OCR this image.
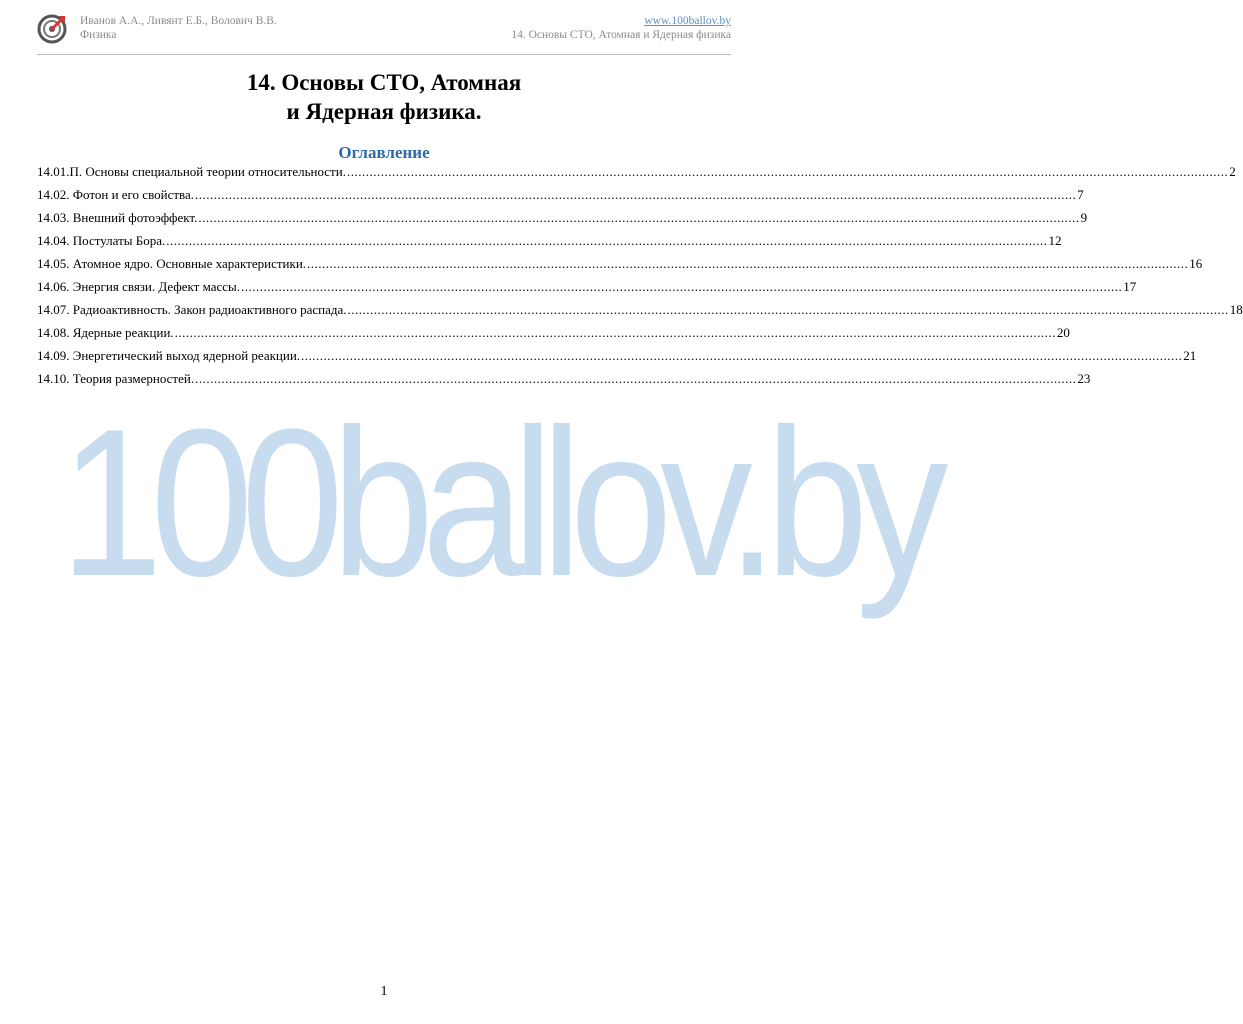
Иванов А.А., Ливянт Е.Б., Волович В.В.
Физика
www.100ballov.by
14. Основы СТО, Атомная и Ядерная физика
14. Основы СТО, Атомная
и Ядерная физика.
Оглавление
14.01.П. Основы специальной теории относительности. .....	2
14.02. Фотон и его свойства. .....	7
14.03. Внешний фотоэффект. .....	9
14.04. Постулаты Бора. .....	12
14.05. Атомное ядро. Основные характеристики. .....	16
14.06. Энергия связи. Дефект массы. .....	17
14.07. Радиоактивность. Закон радиоактивного распада. .....	18
14.08. Ядерные реакции. .....	20
14.09. Энергетический выход ядерной реакции. .....	21
14.10. Теория размерностей. .....	23
100ballov.by
1
